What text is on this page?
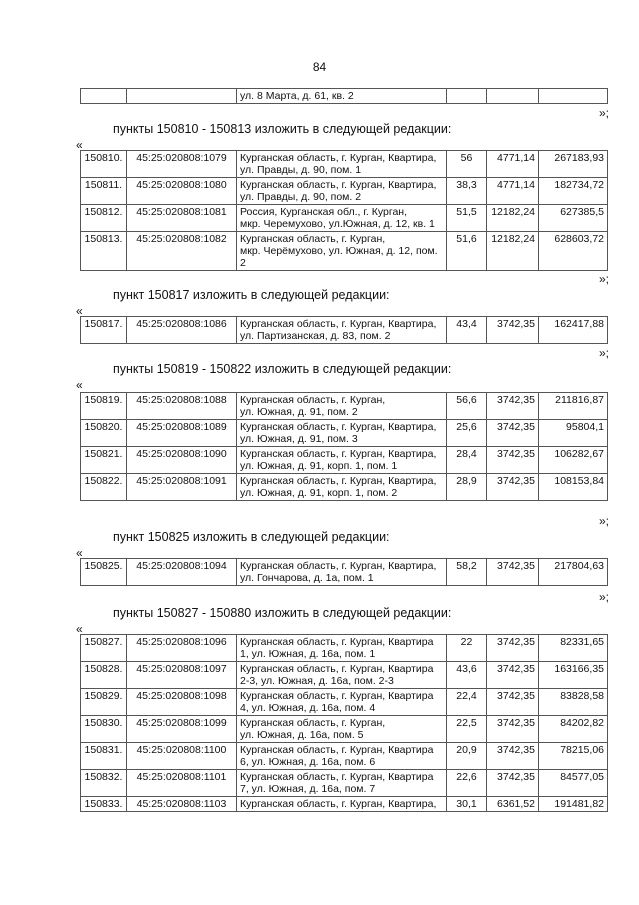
84
		ул. 8 Марта, д. 61, кв. 2			
»;
пункты 150810 - 150813 изложить в следующей редакции:
«
150810.	45:25:020808:1079	Курганская область, г. Курган, Квартира,
ул. Правды, д. 90, пом. 1	56	4771,14	267183,93
150811.	45:25:020808:1080	Курганская область, г. Курган, Квартира,
ул. Правды, д. 90, пом. 2	38,3	4771,14	182734,72
150812.	45:25:020808:1081	Россия, Курганская обл., г. Курган,
мкр. Черемухово, ул.Южная, д. 12, кв. 1	51,5	12182,24	627385,5
150813.	45:25:020808:1082	Курганская область, г. Курган,
мкр. Черёмухово, ул. Южная, д. 12, пом. 2	51,6	12182,24	628603,72
»;
пункт 150817 изложить в следующей редакции:
«
150817.	45:25:020808:1086	Курганская область, г. Курган, Квартира,
ул. Партизанская, д. 83, пом. 2
	43,4	3742,35	162417,88
»;
пункты 150819 - 150822 изложить в следующей редакции:
«
150819.	45:25:020808:1088	Курганская область, г. Курган,
ул. Южная, д. 91, пом. 2	56,6	3742,35	211816,87
150820.	45:25:020808:1089	Курганская область, г. Курган, Квартира,
ул. Южная, д. 91, пом. 3	25,6	3742,35	95804,1
150821.	45:25:020808:1090	Курганская область, г. Курган, Квартира,
ул. Южная, д. 91, корп. 1, пом. 1	28,4	3742,35	106282,67
150822.	45:25:020808:1091	Курганская область, г. Курган, Квартира,
ул. Южная, д. 91, корп. 1, пом. 2	28,9	3742,35	108153,84
»;
пункт 150825 изложить в следующей редакции:
«
150825.	45:25:020808:1094	Курганская область, г. Курган, Квартира,
ул. Гончарова, д. 1а, пом. 1
	58,2	3742,35	217804,63
»;
пункты 150827 - 150880 изложить в следующей редакции:
«
150827.	45:25:020808:1096	Курганская область, г. Курган, Квартира
1, ул. Южная, д. 16а, пом. 1	22	3742,35	82331,65
150828.	45:25:020808:1097	Курганская область, г. Курган, Квартира
2-3, ул. Южная, д. 16а, пом. 2-3	43,6	3742,35	163166,35
150829.	45:25:020808:1098	Курганская область, г. Курган, Квартира
4, ул. Южная, д. 16а, пом. 4	22,4	3742,35	83828,58
150830.	45:25:020808:1099	Курганская область, г. Курган,
ул. Южная, д. 16а, пом. 5	22,5	3742,35	84202,82
150831.	45:25:020808:1100	Курганская область, г. Курган, Квартира
6, ул. Южная, д. 16а, пом. 6	20,9	3742,35	78215,06
150832.	45:25:020808:1101	Курганская область, г. Курган, Квартира
7, ул. Южная, д. 16а, пом. 7	22,6	3742,35	84577,05
150833.	45:25:020808:1103	Курганская область, г. Курган, Квартира,	30,1	6361,52	191481,82
